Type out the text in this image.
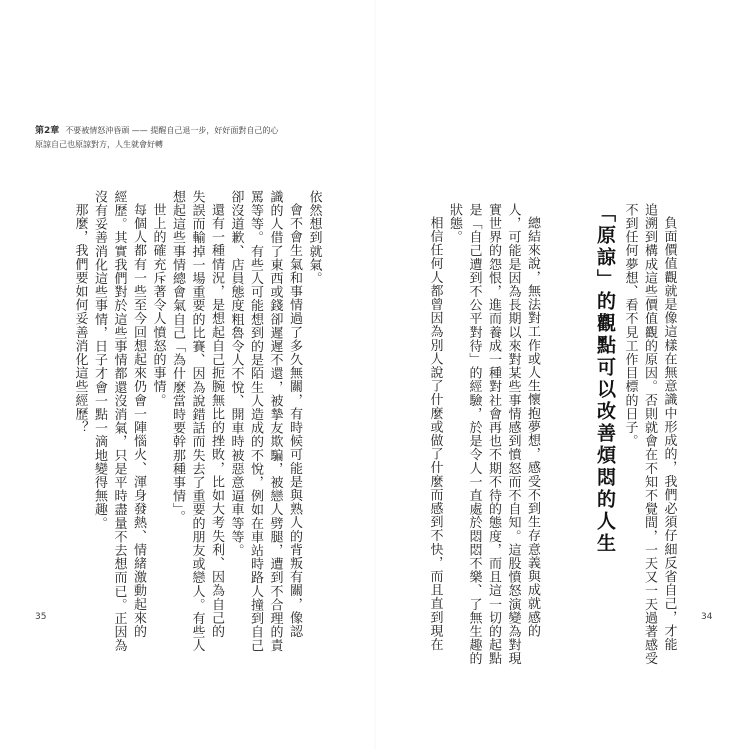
第2章 不要被情怒沖昏頭 —— 提醒自己退一步，好好面對自己的心
原諒自己也原諒對方，人生就會好轉
負面價值觀就是像這樣在無意識中形成的，我們必須仔細反省自己，才能
追溯到構成這些價值觀的原因。否則就會在不知不覺間，一天又一天過著感受
不到任何夢想、看不見工作目標的日子。
「原諒」的觀點可以改善煩悶的人生
總結來說，無法對工作或人生懷抱夢想，感受不到生存意義與成就感的
人，可能是因為長期以來對某些事情感到憤怒而不自知。這股憤怒演變為對現
實世界的怨恨，進而養成一種對社會再也不期不待的態度，而且這一切的起點
是「自己遭到不公平對待」的經驗，於是令人一直處於悶悶不樂、了無生趣的
狀態。
相信任何人都曾因為別人說了什麼或做了什麼而感到不快，而且直到現在
依然想到就氣。
會不會生氣和事情過了多久無關，有時候可能是與熟人的背叛有關，像認
識的人借了東西或錢卻遲遲不還，被摯友欺騙，被戀人劈腿，遭到不合理的責
罵等等。有些人可能想到的是陌生人造成的不悅，例如在車站時路人撞到自己
卻沒道歉、店員態度粗魯令人不悅、開車時被惡意逼車等等。
還有一種情況，是想起自己扼腕無比的挫敗，比如大考失利、因為自己的
失誤而輸掉一場重要的比賽、因為說錯話而失去了重要的朋友或戀人。有些人
想起這些事情總會氣自己「為什麼當時要幹那種事情」。
世上的確充斥著令人憤怒的事情。
每個人都有一些至今回想起來仍會一陣惱火、渾身發熱、情緒激動起來的
經歷。其實我們對於這些事情都還沒消氣，只是平時盡量不去想而已。正因為
沒有妥善消化這些事情，日子才會一點一滴地變得無趣。
那麼，我們要如何妥善消化這些經歷？
35	34
